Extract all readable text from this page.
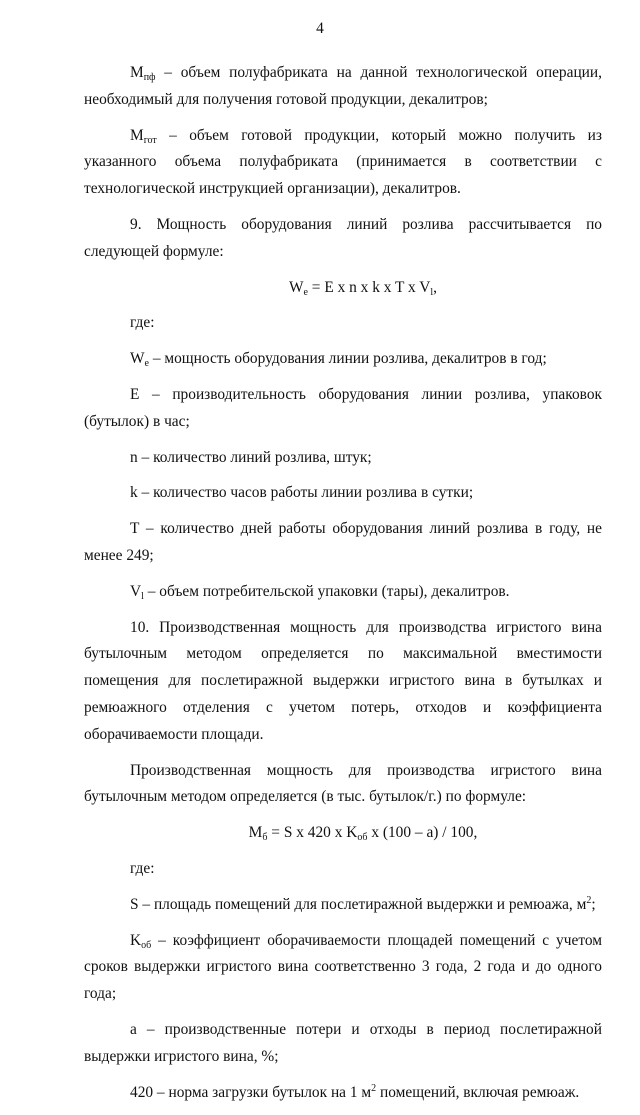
4

$M_{пф}$ – объем полуфабриката на данной технологической операции, необходимый для получения готовой продукции, декалитров;

$M_{гот}$ – объем готовой продукции, который можно получить из указанного объема полуфабриката (принимается в соответствии с технологической инструкцией организации), декалитров.

9. Мощность оборудования линий розлива рассчитывается по следующей формуле:

$W_e = E$ x n x k x T x $V_l$,

где:

$W_e$ – мощность оборудования линии розлива, декалитров в год;

E – производительность оборудования линии розлива, упаковок (бутылок) в час;

n – количество линий розлива, штук;

k – количество часов работы линии розлива в сутки;

T – количество дней работы оборудования линий розлива в году, не менее 249;

$V_l$ – объем потребительской упаковки (тары), декалитров.

10. Производственная мощность для производства игристого вина бутылочным методом определяется по максимальной вместимости помещения для послетиражной выдержки игристого вина в бутылках и ремюажного отделения с учетом потерь, отходов и коэффициента оборачиваемости площади.

Производственная мощность для производства игристого вина бутылочным методом определяется (в тыс. бутылок/г.) по формуле:

$M_б = S$ x 420 x $K_{об}$ x (100 – a) / 100,

где:

S – площадь помещений для послетиражной выдержки и ремюажа, $м^2$;

$K_{об}$ – коэффициент оборачиваемости площадей помещений с учетом сроков выдержки игристого вина соответственно 3 года, 2 года и до одного года;

a – производственные потери и отходы в период послетиражной выдержки игристого вина, %;

420 – норма загрузки бутылок на 1 $м^2$ помещений, включая ремюаж.
